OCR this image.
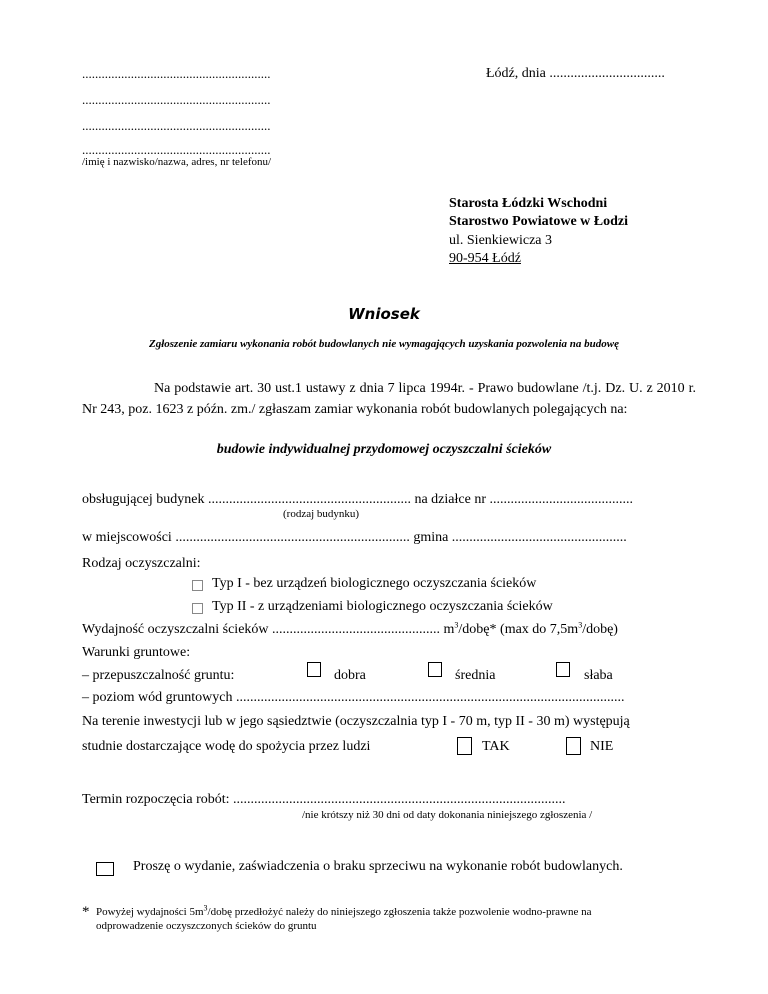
..........................................................
..........................................................
..........................................................
..........................................................
/imię i nazwisko/nazwa, adres, nr telefonu/
Łódź, dnia .................................
Starosta Łódzki Wschodni
Starostwo Powiatowe w Łodzi
ul. Sienkiewicza 3
90-954 Łódź
Wniosek
Zgłoszenie zamiaru wykonania robót budowlanych nie wymagających uzyskania pozwolenia na budowę
Na podstawie art. 30 ust.1 ustawy z dnia 7 lipca 1994r. - Prawo budowlane /t.j. Dz. U. z 2010 r. Nr 243, poz. 1623 z późn. zm./ zgłaszam zamiar wykonania robót budowlanych polegających na:
budowie indywidualnej przydomowej oczyszczalni ścieków
obsługującej budynek .......................................................... na działce nr .........................................
(rodzaj budynku)
w miejscowości ................................................................... gmina ..................................................
Rodzaj oczyszczalni:
Typ I - bez urządzeń biologicznego oczyszczania ścieków
Typ II - z urządzeniami biologicznego oczyszczania ścieków
Wydajność oczyszczalni ścieków ................................................ $m^3/dobę*$ (max do $7,5m^3/dobę$)
Warunki gruntowe:
– przepuszczalność gruntu:	dobra	średnia	słaba
– poziom wód gruntowych ...............................................................................................................
Na terenie inwestycji lub w jego sąsiedztwie (oczyszczalnia typ I - 70 m, typ II - 30 m) występują
studnie dostarczające wodę do spożycia przez ludzi	TAK	NIE
Termin rozpoczęcia robót: ...............................................................................................
/nie krótszy niż 30 dni od daty dokonania niniejszego zgłoszenia /
Proszę o wydanie, zaświadczenia o braku sprzeciwu na wykonanie robót budowlanych.
* Powyżej wydajności $5m^3$/dobę przedłożyć należy do niniejszego zgłoszenia także pozwolenie wodno-prawne na
odprowadzenie oczyszczonych ścieków do gruntu
